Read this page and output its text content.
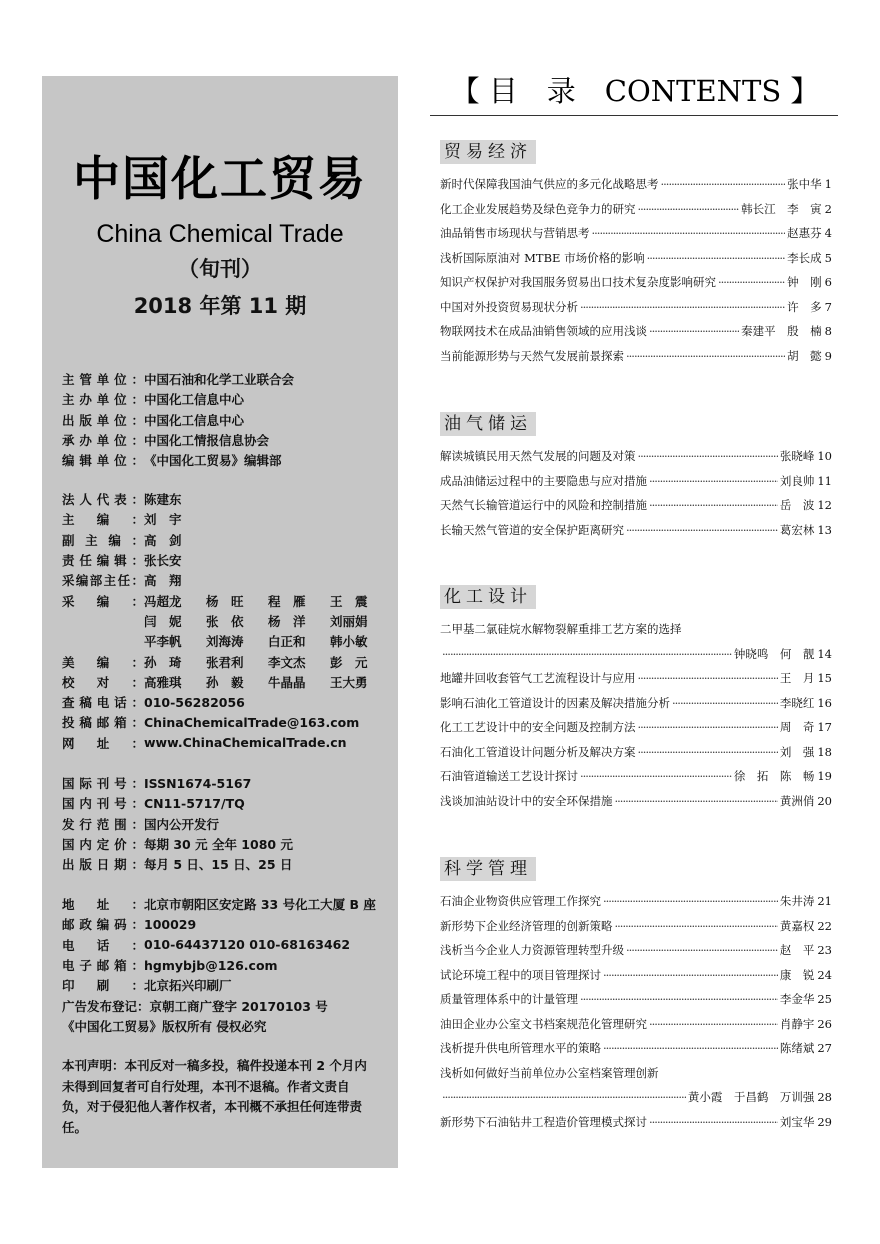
中国化工贸易
China Chemical Trade
（旬刊）
2018 年第 11 期
主 管 单 位 ： 中国石油和化学工业联合会
主 办 单 位 ： 中国化工信息中心
出 版 单 位 ： 中国化工信息中心
承 办 单 位 ： 中国化工情报信息协会
编 辑 单 位 ： 《中国化工贸易》编辑部
法 人 代 表 ： 陈建东
主 编 ： 刘　宇
副 主 编 ： 高　剑
责 任 编 辑 ： 张长安
采 编 部 主 任 ： 高　翔
采 编 ： 冯超龙	杨　旺	程　雁	王　震
闫　妮	张　依	杨　洋	刘丽娟
平李帆	刘海涛	白正和	韩小敏
美 编 ： 孙　琦	张君利	李文杰	彭　元
校 对 ： 高雅琪	孙　毅	牛晶晶	王大勇
查 稿 电 话 ： 010-56282056
投 稿 邮 箱 ： ChinaChemicalTrade@163.com
网 址 ： www.ChinaChemicalTrade.cn
国 际 刊 号 ： ISSN1674-5167
国 内 刊 号 ： CN11-5717/TQ
发 行 范 围 ： 国内公开发行
国 内 定 价 ： 每期 30 元 全年 1080 元
出 版 日 期 ： 每月 5 日、15 日、25 日
地 址 ： 北京市朝阳区安定路 33 号化工大厦 B 座
邮 政 编 码 ： 100029
电 话 ： 010-64437120 010-68163462
电 子 邮 箱 ： hgmybjb@126.com
印 刷 ： 北京拓兴印刷厂
广告发布登记：京朝工商广登字 20170103 号
《中国化工贸易》版权所有 侵权必究
本刊声明：本刊反对一稿多投，稿件投递本刊 2 个月内未得到回复者可自行处理，本刊不退稿。作者文责自负，对于侵犯他人著作权者，本刊概不承担任何连带责任。
【 目　录　CONTENTS 】
贸易经济
新时代保障我国油气供应的多元化战略思考 ·····	张中华 1
化工企业发展趋势及绿色竞争力的研究 ·····	韩长江　李　寅 2
油品销售市场现状与营销思考 ·····	赵惠芬 4
浅析国际原油对 MTBE 市场价格的影响 ·····	李长成 5
知识产权保护对我国服务贸易出口技术复杂度影响研究 ·····	钟　刚 6
中国对外投资贸易现状分析 ·····	许　多 7
物联网技术在成品油销售领域的应用浅谈 ·····	秦建平　殷　楠 8
当前能源形势与天然气发展前景探索 ·····	胡　懿 9
油气储运
解读城镇民用天然气发展的问题及对策 ·····	张晓峰 10
成品油储运过程中的主要隐患与应对措施 ·····	刘良帅 11
天然气长输管道运行中的风险和控制措施 ·····	岳　波 12
长输天然气管道的安全保护距离研究 ·····	葛宏林 13
化工设计
二甲基二氯硅烷水解物裂解重排工艺方案的选择
·····
钟晓鸣　何　靓 14
地罐井回收套管气工艺流程设计与应用 ·····	王　月 15
影响石油化工管道设计的因素及解决措施分析 ·····	李晓红 16
化工工艺设计中的安全问题及控制方法 ·····	周　奇 17
石油化工管道设计问题分析及解决方案 ·····	刘　强 18
石油管道输送工艺设计探讨 ·····	徐　拓　陈　畅 19
浅谈加油站设计中的安全环保措施 ·····	黄洲俏 20
科学管理
石油企业物资供应管理工作探究 ·····	朱井涛 21
新形势下企业经济管理的创新策略 ·····	黄嘉权 22
浅析当今企业人力资源管理转型升级 ·····	赵　平 23
试论环境工程中的项目管理探讨 ·····	康　锐 24
质量管理体系中的计量管理 ·····	李金华 25
油田企业办公室文书档案规范化管理研究 ·····	肖静宇 26
浅析提升供电所管理水平的策略 ·····	陈绪斌 27
浅析如何做好当前单位办公室档案管理创新
·····
黄小霞　于昌鹤　万训强 28
新形势下石油钻井工程造价管理模式探讨 ·····	刘宝华 29
